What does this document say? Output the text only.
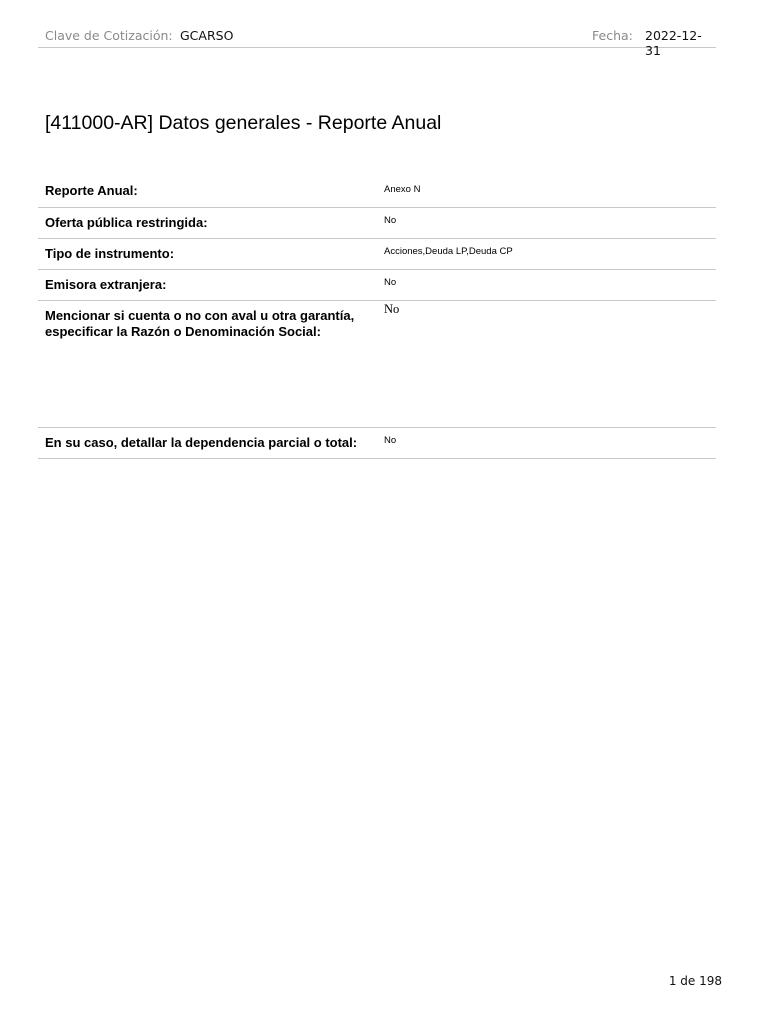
Clave de Cotización: GCARSO	Fecha: 2022-12-31
[411000-AR] Datos generales - Reporte Anual
Reporte Anual:	Anexo N
Oferta pública restringida:	No
Tipo de instrumento:	Acciones,Deuda LP,Deuda CP
Emisora extranjera:	No
Mencionar si cuenta o no con aval u otra garantía,
especificar la Razón o Denominación Social:
No
En su caso, detallar la dependencia parcial o total:	No
1 de 198
